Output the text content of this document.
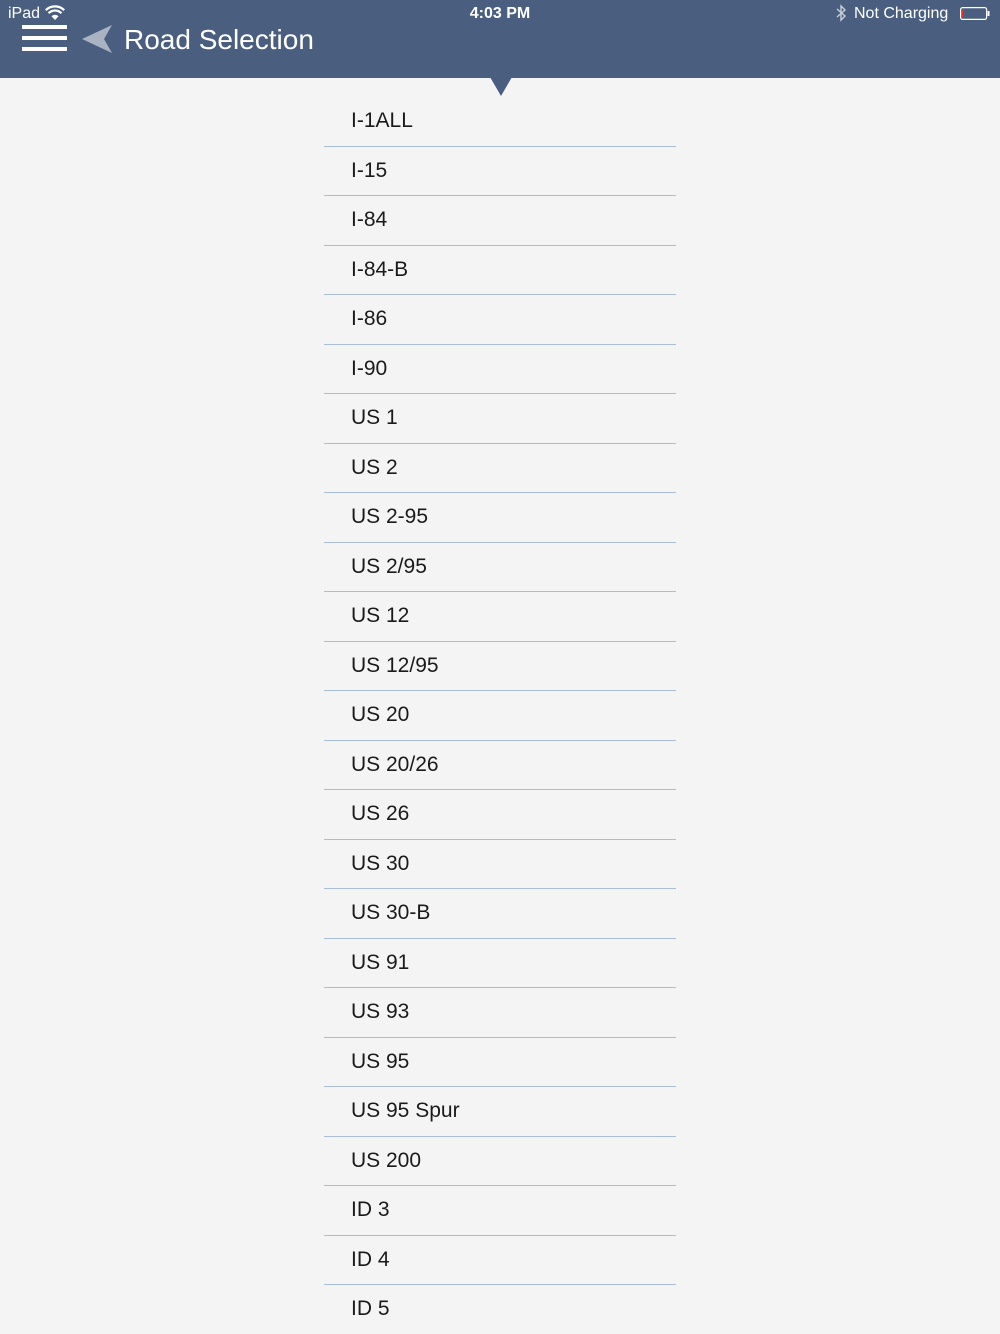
iPad	4:03 PM	Not Charging
Road Selection
I-1ALL
I-15
I-84
I-84-B
I-86
I-90
US 1
US 2
US 2-95
US 2/95
US 12
US 12/95
US 20
US 20/26
US 26
US 30
US 30-B
US 91
US 93
US 95
US 95 Spur
US 200
ID 3
ID 4
ID 5
